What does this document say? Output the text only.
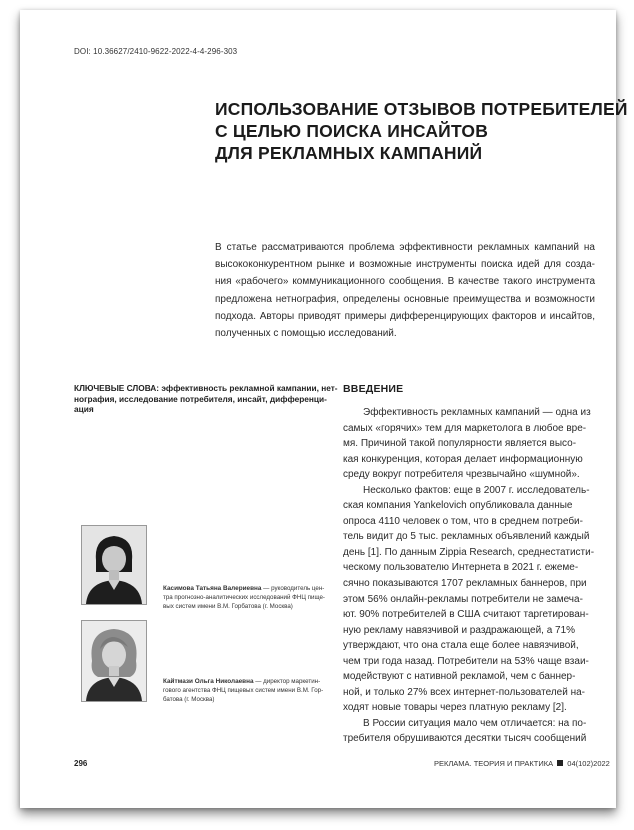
DOI: 10.36627/2410-9622-2022-4-4-296-303
ИСПОЛЬЗОВАНИЕ ОТЗЫВОВ ПОТРЕБИТЕЛЕЙ
С ЦЕЛЬЮ ПОИСКА ИНСАЙТОВ
ДЛЯ РЕКЛАМНЫХ КАМПАНИЙ
В статье рассматриваются проблема эффективности рекламных кампаний на
высококонкурентном рынке и возможные инструменты поиска идей для созда-
ния «рабочего» коммуникационного сообщения. В качестве такого инструмента
предложена нетнография, определены основные преимущества и возможности
подхода. Авторы приводят примеры дифференцирующих факторов и инсайтов,
полученных с помощью исследований.
КЛЮЧЕВЫЕ СЛОВА: эффективность рекламной кампании, нет-
нография, исследование потребителя, инсайт, дифференци-
ация
Касимова Татьяна Валериевна — руководитель цен-
тра прогнозно-аналитических исследований ФНЦ пище-
вых систем имени В.М. Горбатова (г. Москва)
Кайтмази Ольга Николаевна — директор маркетин-
гового агентства ФНЦ пищевых систем имени В.М. Гор-
батова (г. Москва)
ВВЕДЕНИЕ
Эффективность рекламных кампаний — одна из
самых «горячих» тем для маркетолога в любое вре-
мя. Причиной такой популярности является высо-
кая конкуренция, которая делает информационную
среду вокруг потребителя чрезвычайно «шумной».
Несколько фактов: еще в 2007 г. исследователь-
ская компания Yankelovich опубликовала данные
опроса 4110 человек о том, что в среднем потреби-
тель видит до 5 тыс. рекламных объявлений каждый
день [1]. По данным Zippia Research, среднестатисти-
ческому пользователю Интернета в 2021 г. ежеме-
сячно показываются 1707 рекламных баннеров, при
этом 56% онлайн-рекламы потребители не замеча-
ют. 90% потребителей в США считают таргетирован-
ную рекламу навязчивой и раздражающей, а 71%
утверждают, что она стала еще более навязчивой,
чем три года назад. Потребители на 53% чаще взаи-
модействуют с нативной рекламой, чем с баннер-
ной, и только 27% всех интернет-пользователей на-
ходят новые товары через платную рекламу [2].
В России ситуация мало чем отличается: на по-
требителя обрушиваются десятки тысяч сообщений
296	РЕКЛАМА. ТЕОРИЯ И ПРАКТИКА 04(102)2022
